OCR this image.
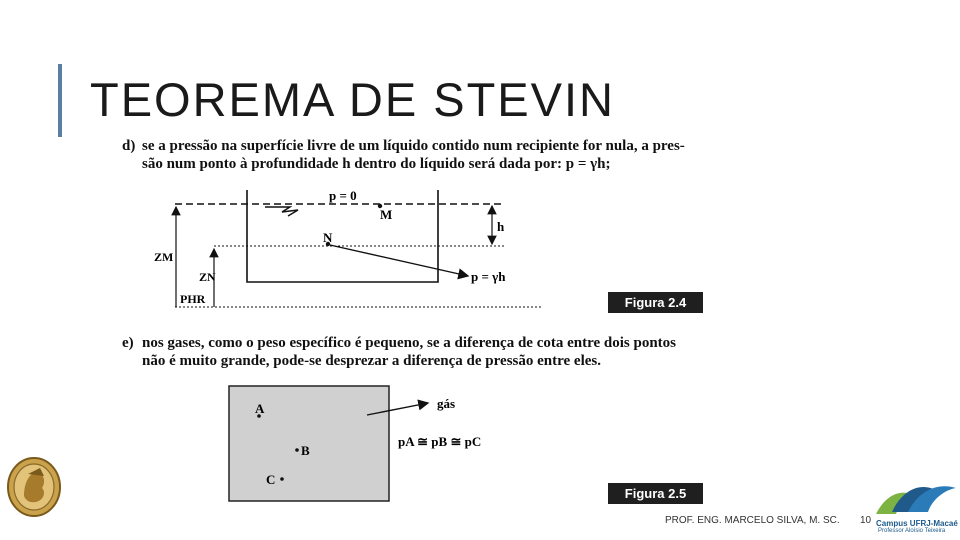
TEOREMA DE STEVIN
d) se a pressão na superfície livre de um líquido contido num recipiente for nula, a pres-
são num ponto à profundidade h dentro do líquido será dada por: p = γh;
p = 0
M
N
h
ZM
ZN
PHR
p = γh
A
B
C
gás
pA ≅ pB ≅ pC
Figura 2.4
e) nos gases, como o peso específico é pequeno, se a diferença de cota entre dois pontos
não é muito grande, pode-se desprezar a diferença de pressão entre eles.
Figura 2.5
PROF. ENG. MARCELO SILVA, M. SC. 10 Campus UFRJ-Macaé
Professor Aloísio Teixeira
